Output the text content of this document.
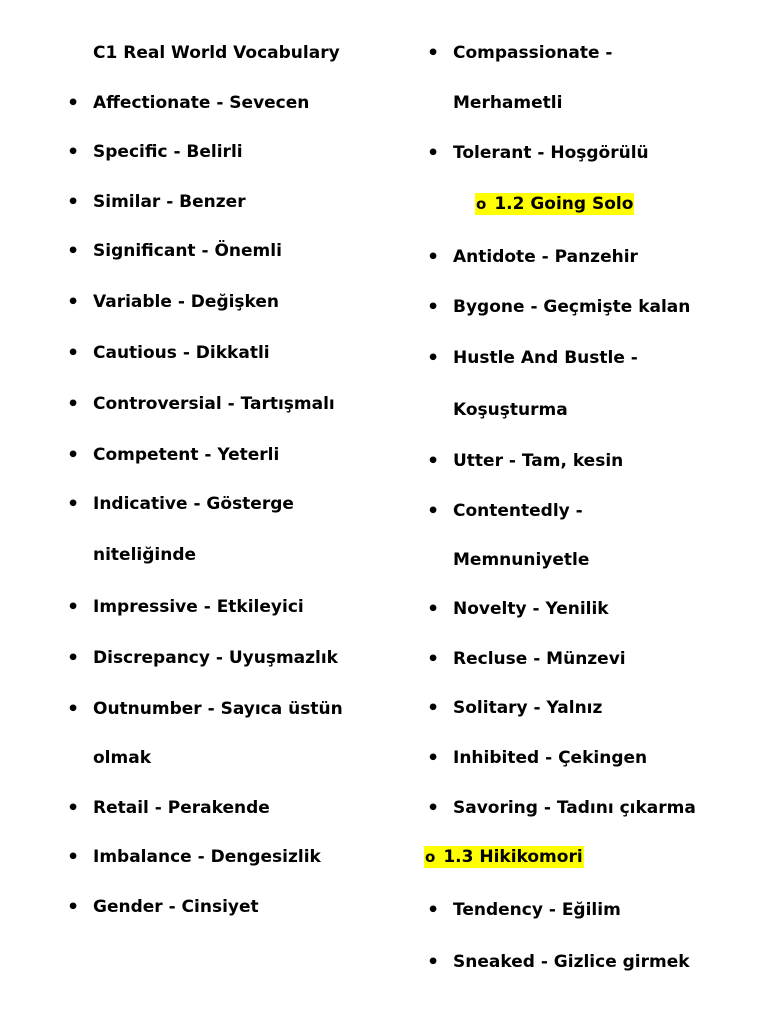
C1 Real World Vocabulary
• Affectionate - Sevecen
• Specific - Belirli
• Similar - Benzer
• Significant - Önemli
• Variable - Değişken
• Cautious - Dikkatli
• Controversial - Tartışmalı
• Competent - Yeterli
• Indicative - Gösterge
niteliğinde
• Impressive - Etkileyici
• Discrepancy - Uyuşmazlık
• Outnumber - Sayıca üstün
olmak
• Retail - Perakende
• Imbalance - Dengesizlik
• Gender - Cinsiyet
• Compassionate -
Merhametli
• Tolerant - Hoşgörülü
o 1.2 Going Solo
• Antidote - Panzehir
• Bygone - Geçmişte kalan
• Hustle And Bustle -
Koşuşturma
• Utter - Tam, kesin
• Contentedly -
Memnuniyetle
• Novelty - Yenilik
• Recluse - Münzevi
• Solitary - Yalnız
• Inhibited - Çekingen
• Savoring - Tadını çıkarma
o 1.3 Hikikomori
• Tendency - Eğilim
• Sneaked - Gizlice girmek
